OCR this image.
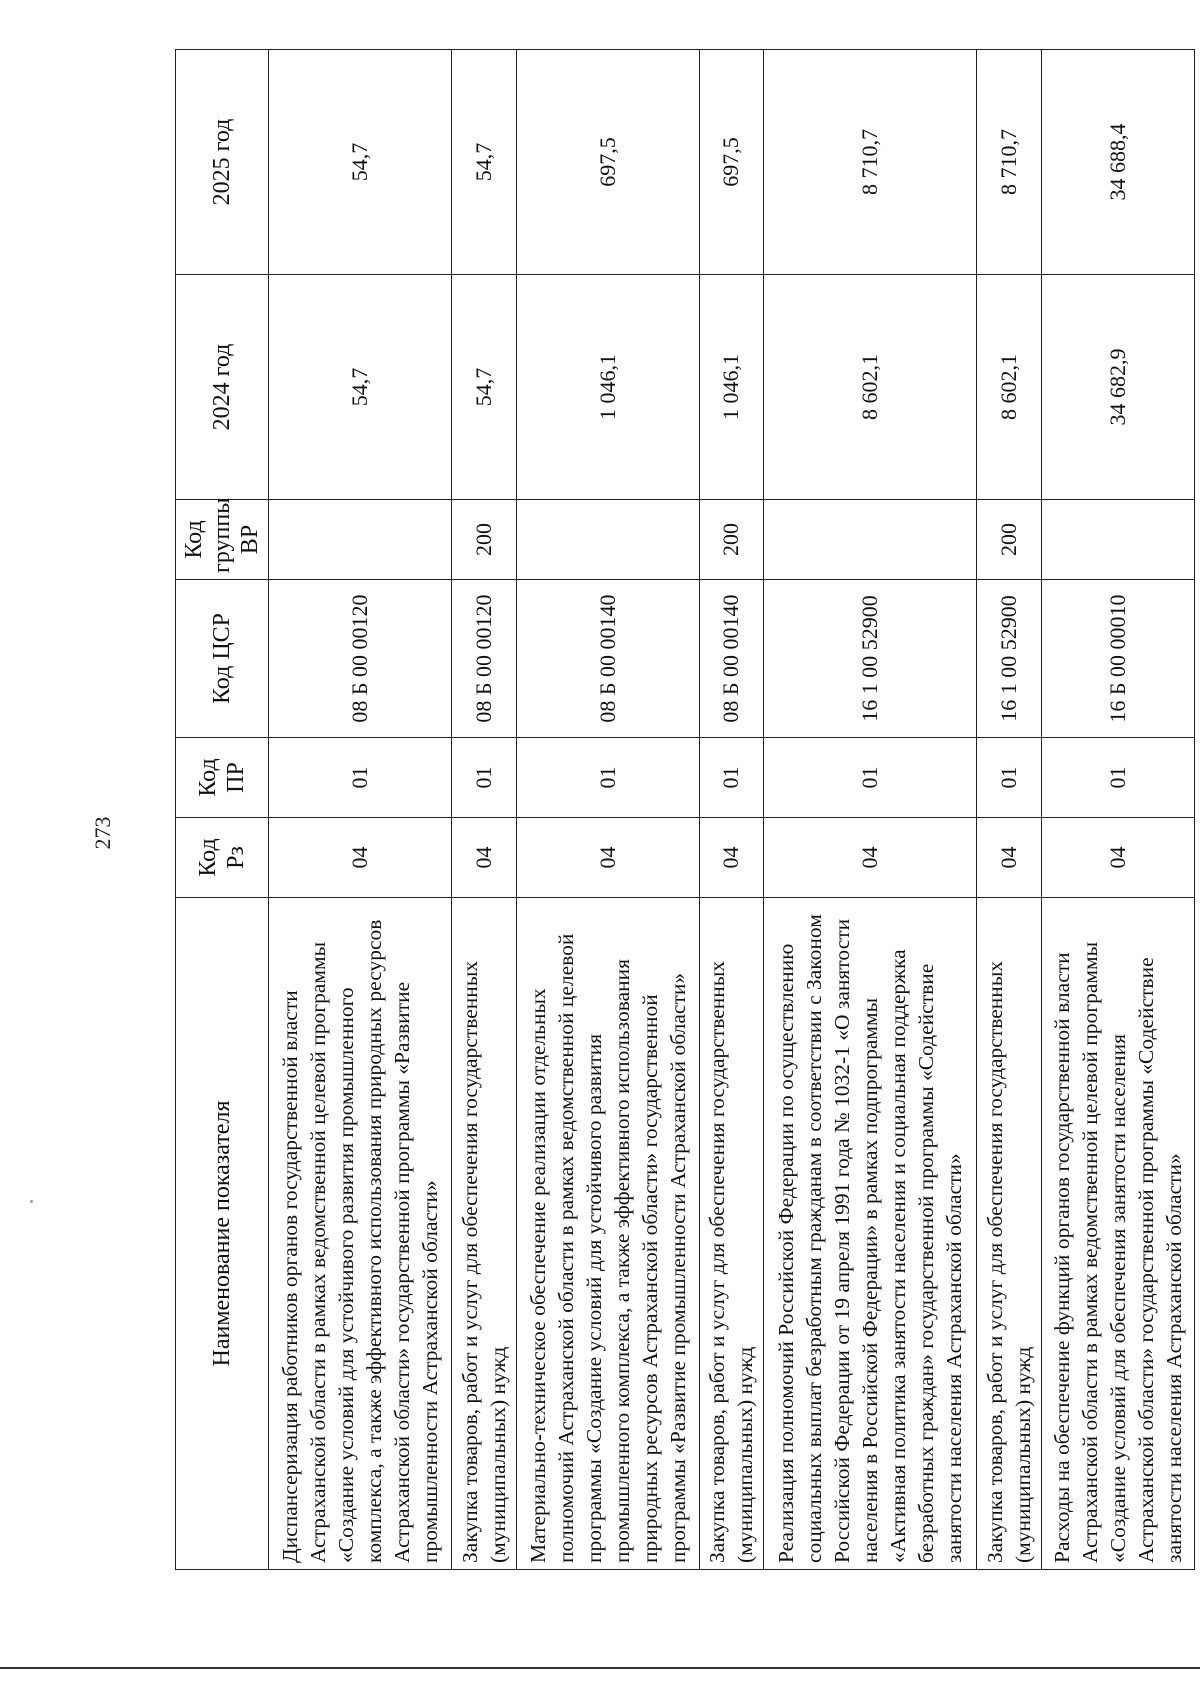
273
Наименование показателя	Код Рз	Код ПР	Код ЦСР	Код группы ВР	2024 год	2025 год
Диспансеризация работников органов государственной власти Астраханской области в рамках ведомственной целевой программы «Создание условий для устойчивого развития промышленного комплекса, а также эффективного использования природных ресурсов Астраханской области» государственной программы «Развитие промышленности Астраханской области»	04	01	08 Б 00 00120		54,7	54,7
Закупка товаров, работ и услуг для обеспечения государственных (муниципальных) нужд	04	01	08 Б 00 00120	200	54,7	54,7
Материально-техническое обеспечение реализации отдельных полномочий Астраханской области в рамках ведомственной целевой программы «Создание условий для устойчивого развития промышленного комплекса, а также эффективного использования природных ресурсов Астраханской области» государственной программы «Развитие промышленности Астраханской области»	04	01	08 Б 00 00140		1 046,1	697,5
Закупка товаров, работ и услуг для обеспечения государственных (муниципальных) нужд	04	01	08 Б 00 00140	200	1 046,1	697,5
Реализация полномочий Российской Федерации по осуществлению социальных выплат безработным гражданам в соответствии с Законом Российской Федерации от 19 апреля 1991 года № 1032-1 «О занятости населения в Российской Федерации» в рамках подпрограммы «Активная политика занятости населения и социальная поддержка безработных граждан» государственной программы «Содействие занятости населения Астраханской области»	04	01	16 1 00 52900		8 602,1	8 710,7
Закупка товаров, работ и услуг для обеспечения государственных (муниципальных) нужд	04	01	16 1 00 52900	200	8 602,1	8 710,7
Расходы на обеспечение функций органов государственной власти Астраханской области в рамках ведомственной целевой программы «Создание условий для обеспечения занятости населения Астраханской области» государственной программы «Содействие занятости населения Астраханской области»	04	01	16 Б 00 00010		34 682,9	34 688,4
